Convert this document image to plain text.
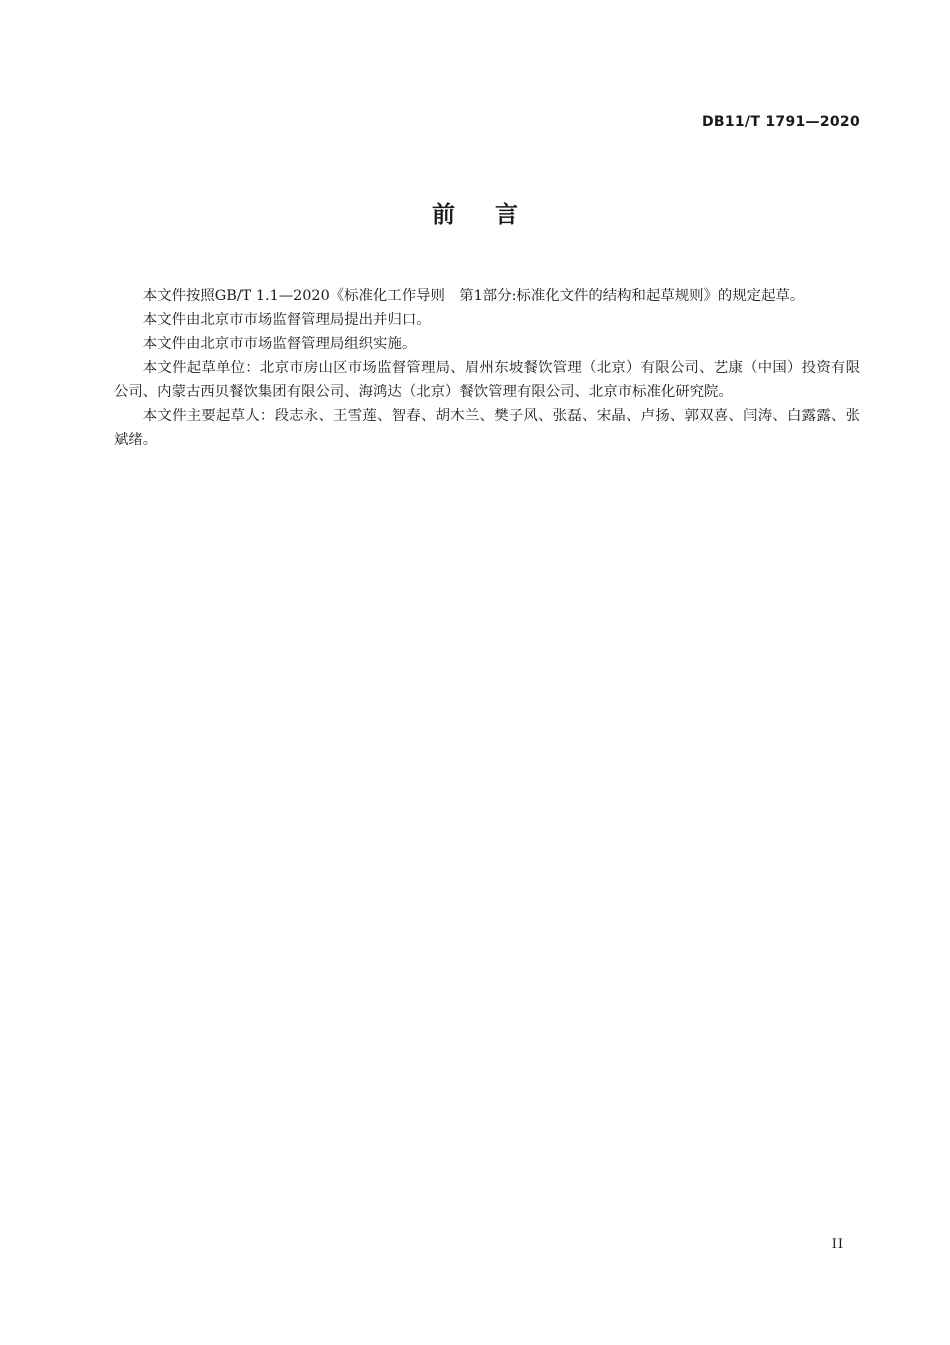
DB11/T 1791—2020
前 言

本文件按照GB/T 1.1—2020《标准化工作导则　第1部分:标准化文件的结构和起草规则》的规定起草。

本文件由北京市市场监督管理局提出并归口。

本文件由北京市市场监督管理局组织实施。

本文件起草单位：北京市房山区市场监督管理局、眉州东坡餐饮管理（北京）有限公司、艺康（中国）投资有限公司、内蒙古西贝餐饮集团有限公司、海鸿达（北京）餐饮管理有限公司、北京市标准化研究院。

本文件主要起草人：段志永、王雪莲、智春、胡木兰、樊子风、张磊、宋晶、卢扬、郭双喜、闫涛、白露露、张斌绪。

II
